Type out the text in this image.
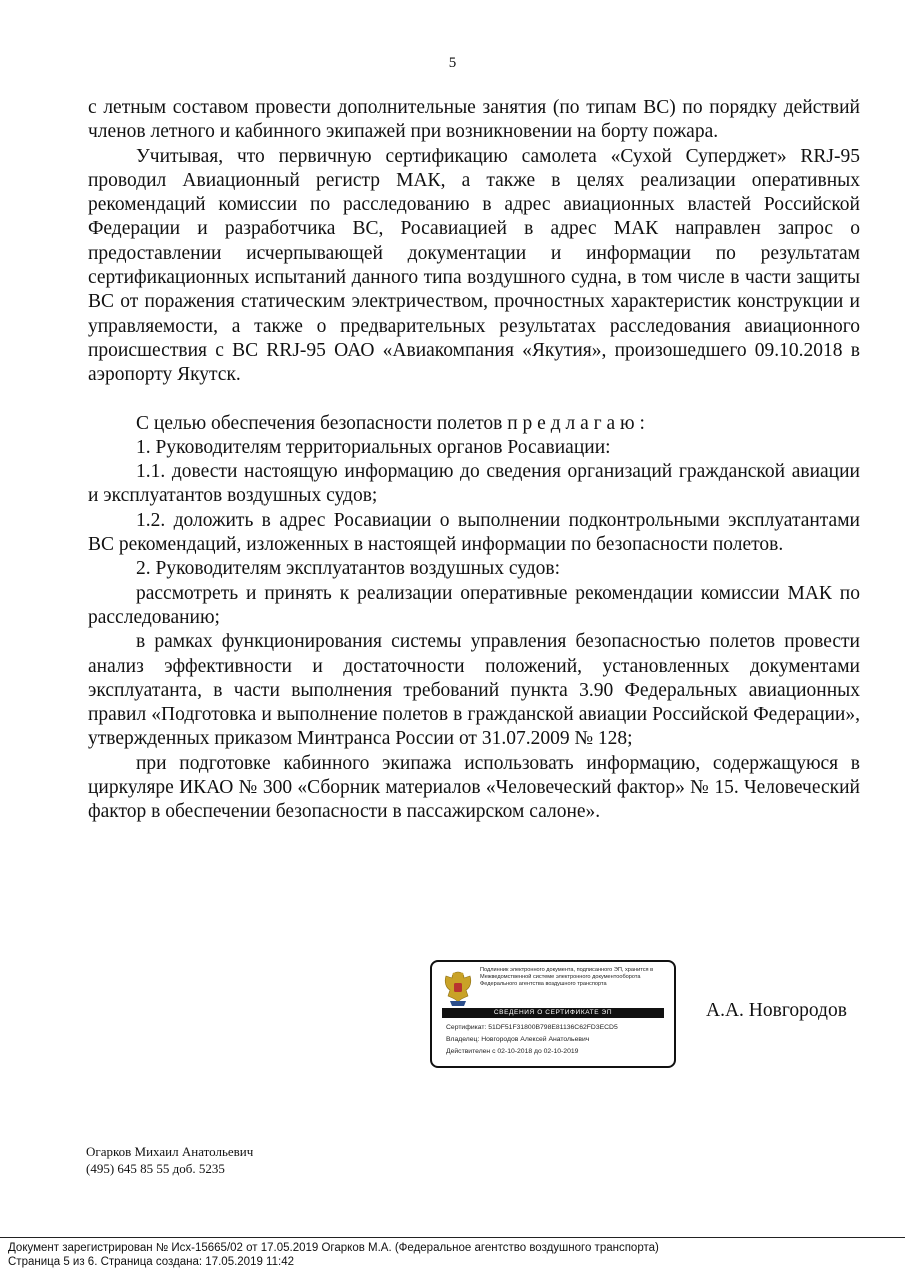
5

с летным составом провести дополнительные занятия (по типам ВС) по порядку действий членов летного и кабинного экипажей при возникновении на борту пожара.

Учитывая, что первичную сертификацию самолета «Сухой Суперджет» RRJ-95 проводил Авиационный регистр МАК, а также в целях реализации оперативных рекомендаций комиссии по расследованию в адрес авиационных властей Российской Федерации и разработчика ВС, Росавиацией в адрес МАК направлен запрос о предоставлении исчерпывающей документации и информации по результатам сертификационных испытаний данного типа воздушного судна, в том числе в части защиты ВС от поражения статическим электричеством, прочностных характеристик конструкции и управляемости, а также о предварительных результатах расследования авиационного происшествия с ВС RRJ-95 ОАО «Авиакомпания «Якутия», произошедшего 09.10.2018 в аэропорту Якутск.

С целью обеспечения безопасности полетов п р е д л а г а ю :

1. Руководителям территориальных органов Росавиации:

1.1. довести настоящую информацию до сведения организаций гражданской авиации и эксплуатантов воздушных судов;

1.2. доложить в адрес Росавиации о выполнении подконтрольными эксплуатантами ВС рекомендаций, изложенных в настоящей информации по безопасности полетов.

2. Руководителям эксплуатантов воздушных судов:

рассмотреть и принять к реализации оперативные рекомендации комиссии МАК по расследованию;

в рамках функционирования системы управления безопасностью полетов провести анализ эффективности и достаточности положений, установленных документами эксплуатанта, в части выполнения требований пункта 3.90 Федеральных авиационных правил «Подготовка и выполнение полетов в гражданской авиации Российской Федерации», утвержденных приказом Минтранса России от 31.07.2009 № 128;

при подготовке кабинного экипажа использовать информацию, содержащуюся в циркуляре ИКАО № 300 «Сборник материалов «Человеческий фактор» № 15. Человеческий фактор в обеспечении безопасности в пассажирском салоне».

Подлинник электронного документа, подписанного ЭП, хранится в Межведомственной системе электронного документооборота Федерального агентства воздушного транспорта
СВЕДЕНИЯ О СЕРТИФИКАТЕ ЭП
Сертификат: 51DF51F31800B798E81136C62FD3ECD5
Владелец: Новгородов Алексей Анатольевич
Действителен с 02-10-2018 до 02-10-2019
А.А. Новгородов
Огарков Михаил Анатольевич
(495) 645 85 55 доб. 5235
Документ зарегистрирован № Исх-15665/02 от 17.05.2019 Огарков М.А. (Федеральное агентство воздушного транспорта)
Страница 5 из 6. Страница создана: 17.05.2019 11:42
